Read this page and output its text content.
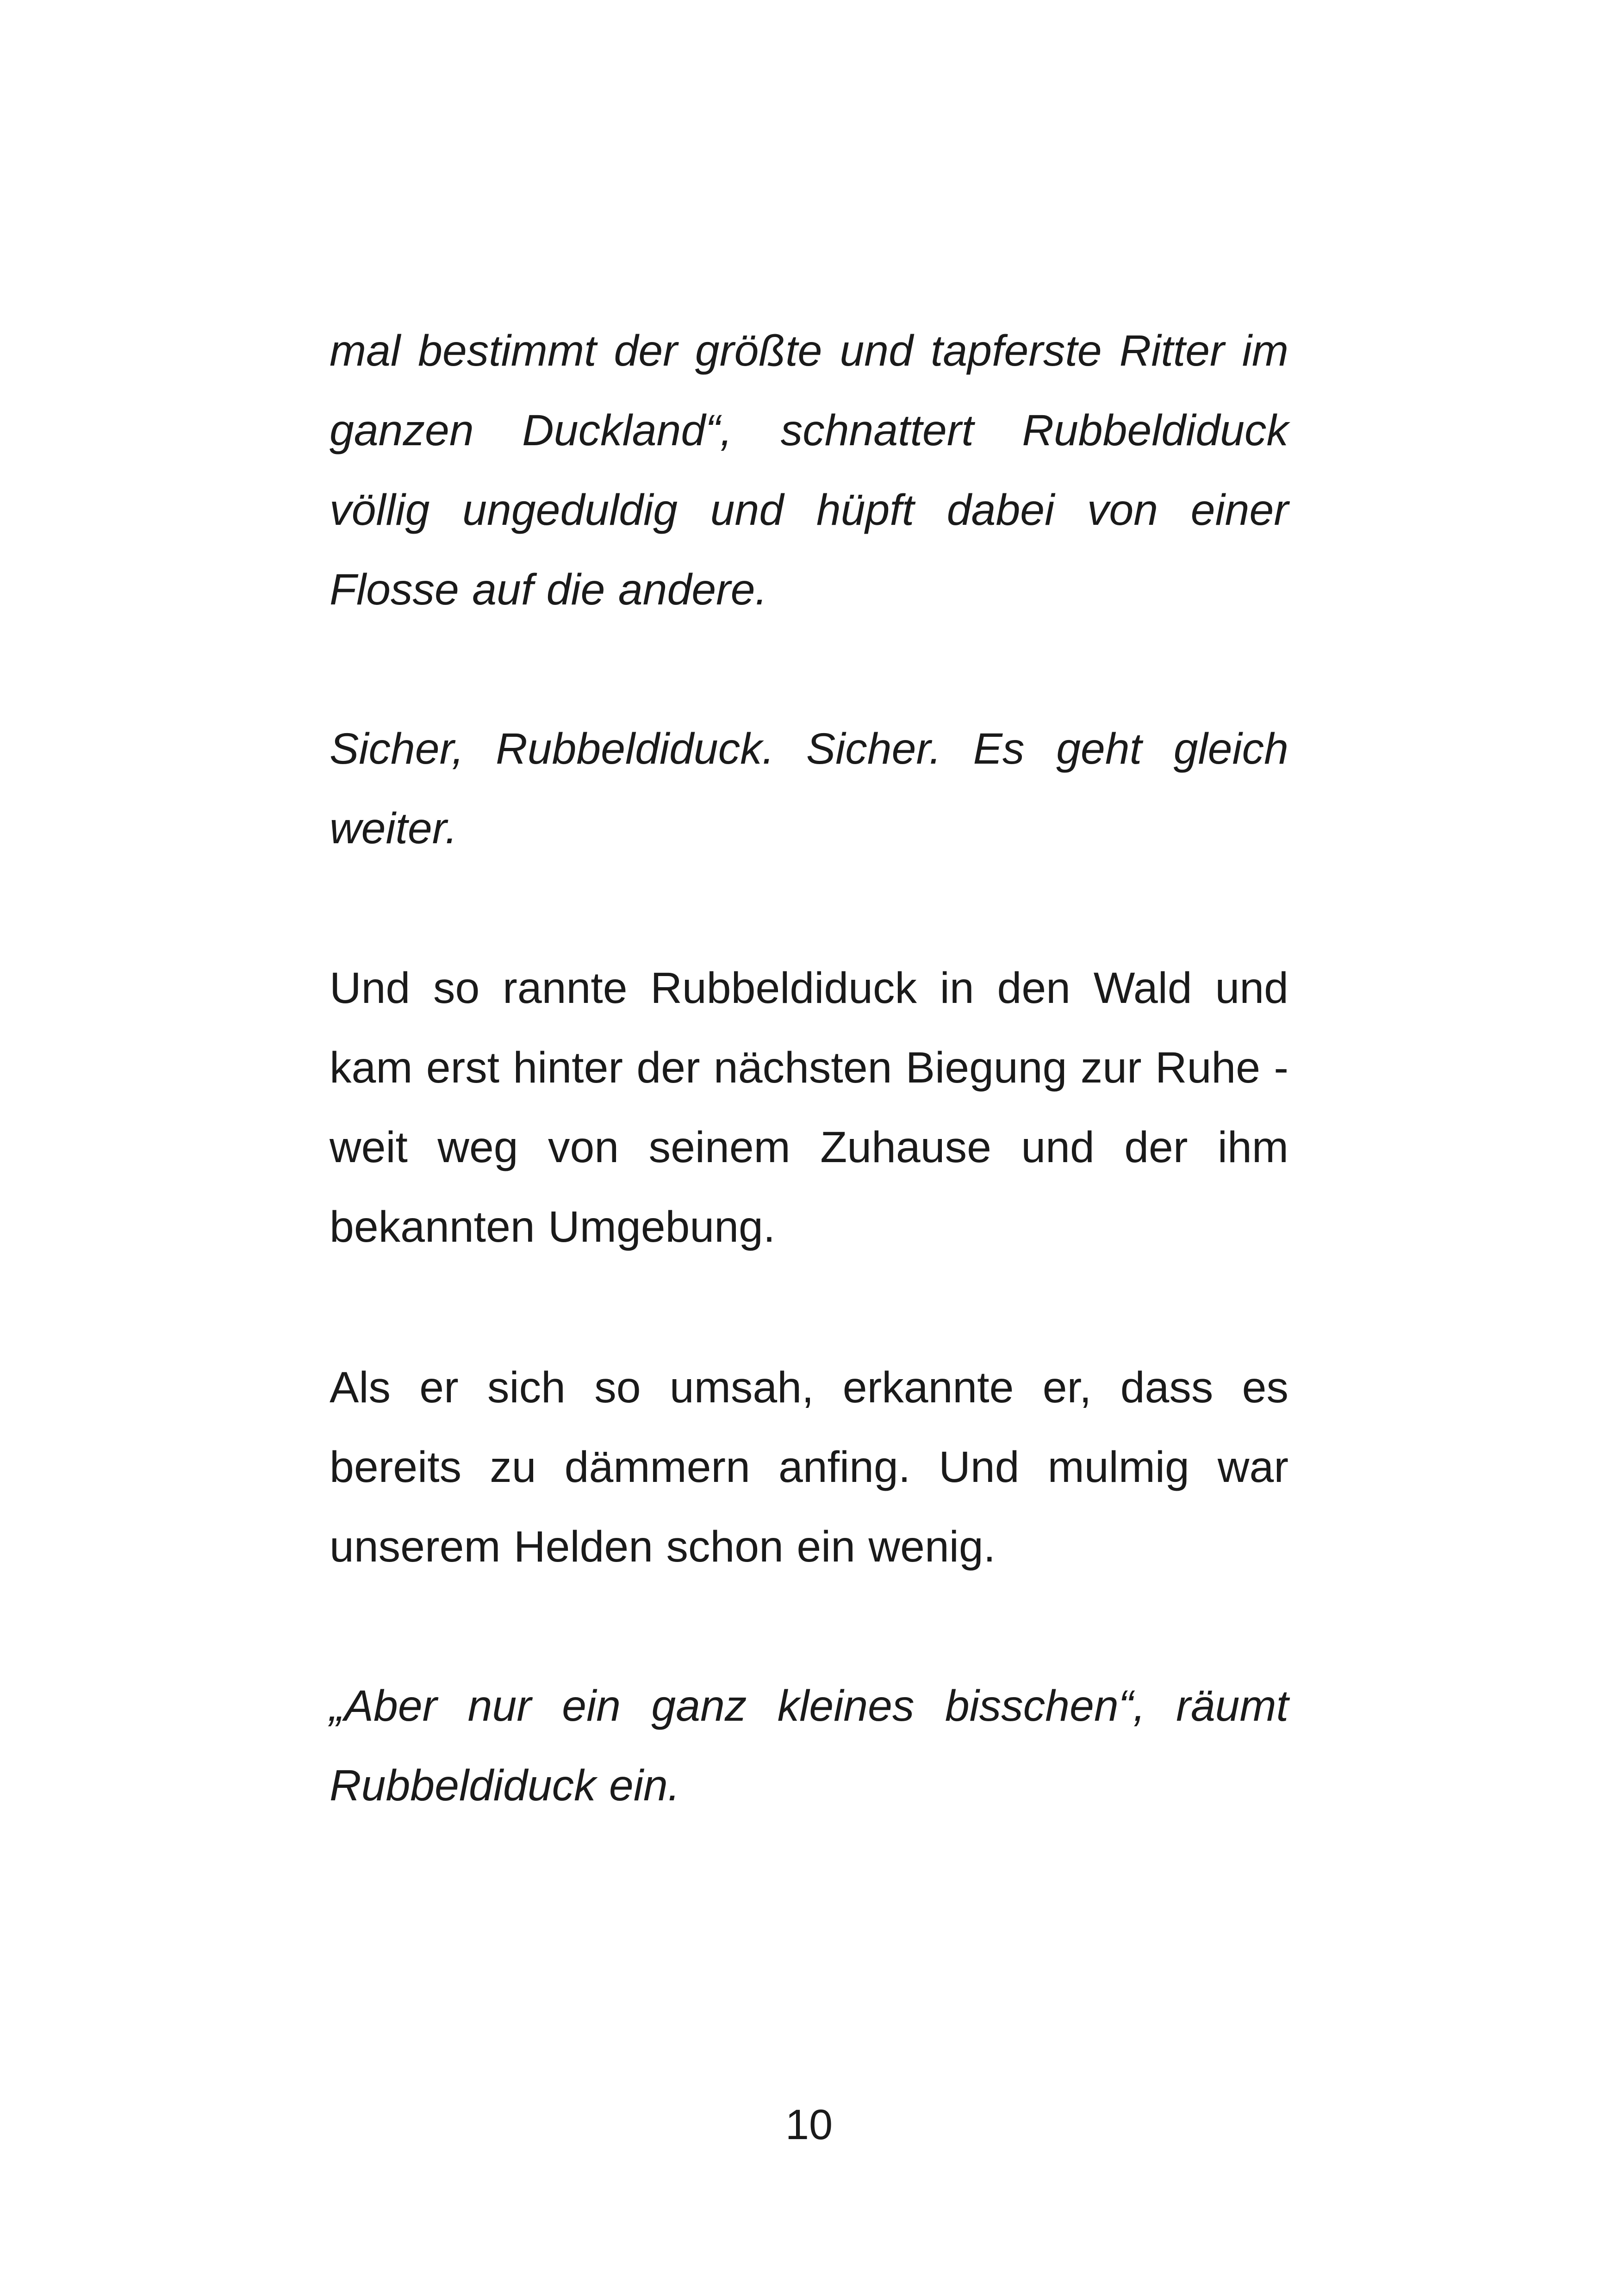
mal bestimmt der größte und tapferste Ritter im ganzen Duckland“, schnattert Rubbeldiduck völlig ungeduldig und hüpft dabei von einer Flosse auf die andere.

Sicher, Rubbeldiduck. Sicher. Es geht gleich weiter.

Und so rannte Rubbeldiduck in den Wald und kam erst hinter der nächsten Biegung zur Ruhe - weit weg von seinem Zuhause und der ihm bekannten Umgebung.

Als er sich so umsah, erkannte er, dass es bereits zu dämmern anfing. Und mulmig war unserem Helden schon ein wenig.

„Aber nur ein ganz kleines bisschen“, räumt Rubbeldiduck ein.

10
